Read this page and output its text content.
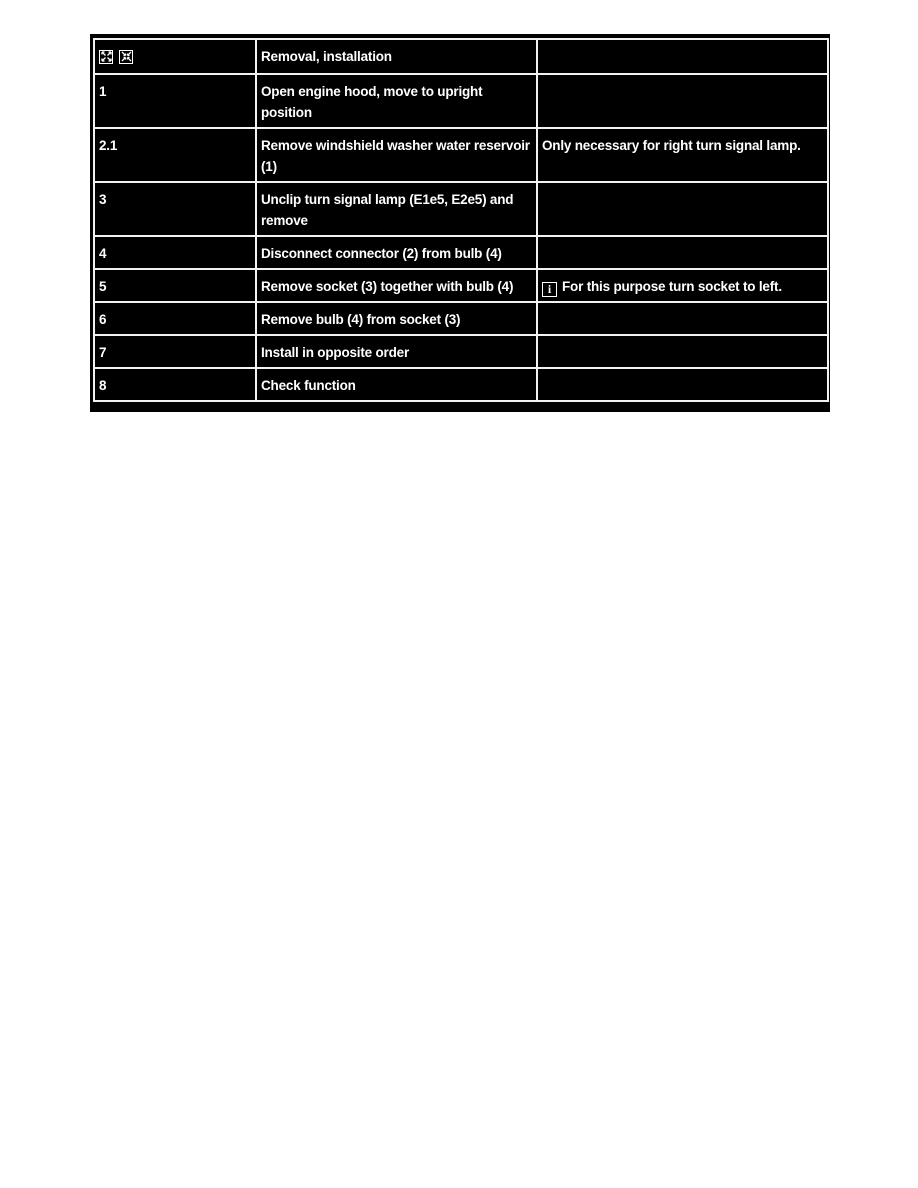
	Removal, installation	
1	Open engine hood, move to upright position	
2.1	Remove windshield washer water reservoir (1)	Only necessary for right turn signal lamp.
3	Unclip turn signal lamp (E1e5, E2e5) and remove	
4	Disconnect connector (2) from bulb (4)	
5	Remove socket (3) together with bulb (4)	i For this purpose turn socket to left.
6	Remove bulb (4) from socket (3)	
7	Install in opposite order	
8	Check function	
